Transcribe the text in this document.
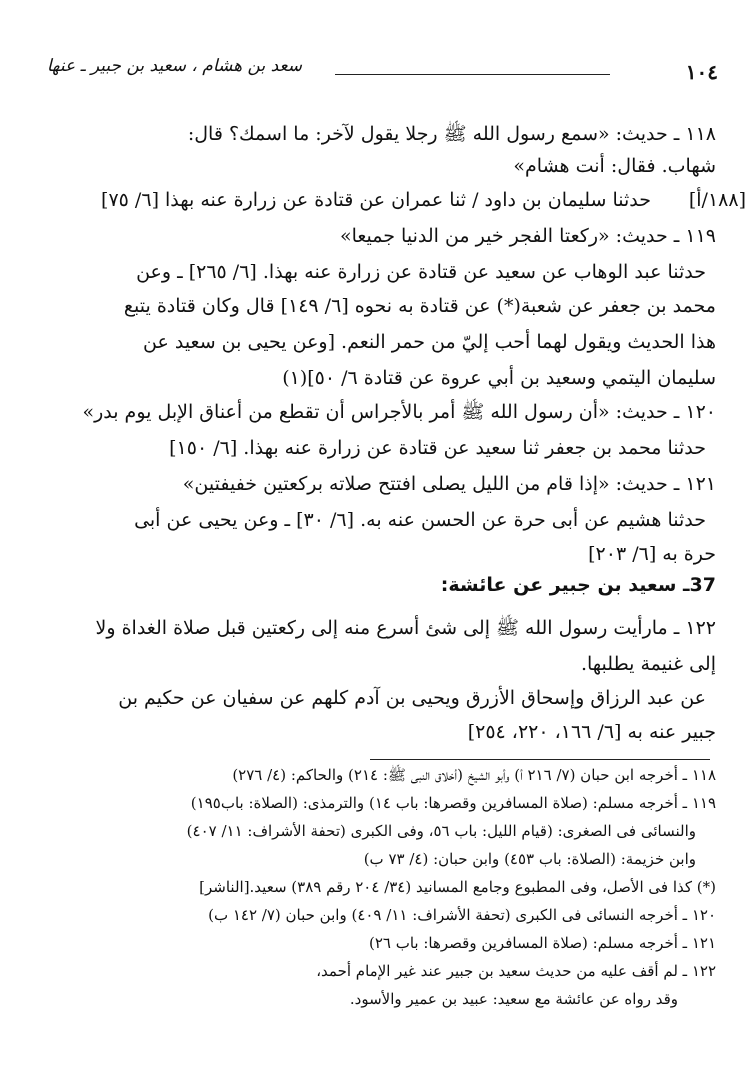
١٠٤
سعد بن هشام ، سعيد بن جبير ـ عنها
١١٨ ـ حديث: «سمع رسول الله ﷺ رجلا يقول لآخر: ما اسمك؟ قال:
شهاب. فقال: أنت هشام»
حدثنا سليمان بن داود / ثنا عمران عن قتادة عن زرارة عنه بهذا [٦/ ٧٥] [١٨٨/أ]
١١٩ ـ حديث: «ركعتا الفجر خير من الدنيا جميعا»
حدثنا عبد الوهاب عن سعيد عن قتادة عن زرارة عنه بهذا. [٦/ ٢٦٥] ـ وعن
محمد بن جعفر عن شعبة(*) عن قتادة به نحوه [٦/ ١٤٩] قال وكان قتادة يتبع
هذا الحديث ويقول لهما أحب إليّ من حمر النعم. [وعن يحيى بن سعيد عن
سليمان اليتمي وسعيد بن أبي عروة عن قتادة ٦/ ٥٠](١)
١٢٠ ـ حديث: «أن رسول الله ﷺ أمر بالأجراس أن تقطع من أعناق الإبل يوم بدر»
حدثنا محمد بن جعفر ثنا سعيد عن قتادة عن زرارة عنه بهذا. [٦/ ١٥٠]
١٢١ ـ حديث: «إذا قام من الليل يصلى افتتح صلاته بركعتين خفيفتين»
حدثنا هشيم عن أبى حرة عن الحسن عنه به. [٦/ ٣٠] ـ وعن يحيى عن أبى
حرة به [٦/ ٢٠٣]
37ـ سعيد بن جبير عن عائشة:
١٢٢ ـ مارأيت رسول الله ﷺ إلى شئ أسرع منه إلى ركعتين قبل صلاة الغداة ولا
إلى غنيمة يطلبها.
عن عبد الرزاق وإسحاق الأزرق ويحيى بن آدم كلهم عن سفيان عن حكيم بن
جبير عنه به [٦/ ١٦٦، ٢٢٠، ٢٥٤]
١١٨ ـ أخرجه ابن حبان (٧/ ٢١٦ أ) وأبو الشيخ (أخلاق النبى ﷺ: ٢١٤) والحاكم: (٤/ ٢٧٦)
١١٩ ـ أخرجه مسلم: (صلاة المسافرين وقصرها: باب ١٤) والترمذى: (الصلاة: باب١٩٥)
والنسائى فى الصغرى: (قيام الليل: باب ٥٦، وفى الكبرى (تحفة الأشراف: ١١/ ٤٠٧)
وابن خزيمة: (الصلاة: باب ٤٥٣) وابن حبان: (٤/ ٧٣ ب)
(*) كذا فى الأصل، وفى المطبوع وجامع المسانيد (٣٤/ ٢٠٤ رقم ٣٨٩) سعيد.[الناشر]
١٢٠ ـ أخرجه النسائى فى الكبرى (تحفة الأشراف: ١١/ ٤٠٩) وابن حبان (٧/ ١٤٢ ب)
١٢١ ـ أخرجه مسلم: (صلاة المسافرين وقصرها: باب ٢٦)
١٢٢ ـ لم أقف عليه من حديث سعيد بن جبير عند غير الإمام أحمد،
وقد رواه عن عائشة مع سعيد: عبيد بن عمير والأسود.
